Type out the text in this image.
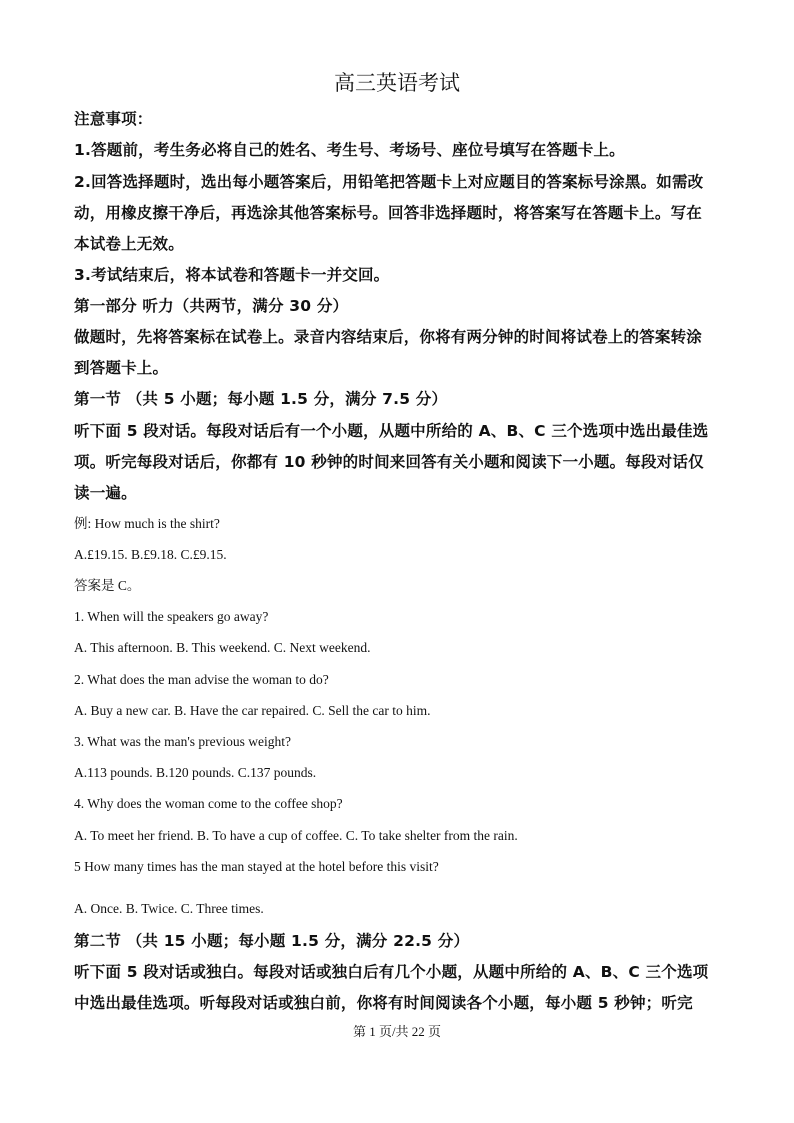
高三英语考试
注意事项：
1.答题前，考生务必将自己的姓名、考生号、考场号、座位号填写在答题卡上。
2.回答选择题时，选出每小题答案后，用铅笔把答题卡上对应题目的答案标号涂黑。如需改
动，用橡皮擦干净后，再选涂其他答案标号。回答非选择题时，将答案写在答题卡上。写在
本试卷上无效。
3.考试结束后，将本试卷和答题卡一并交回。
第一部分 听力（共两节，满分 30 分）
做题时，先将答案标在试卷上。录音内容结束后，你将有两分钟的时间将试卷上的答案转涂
到答题卡上。
第一节 （共 5 小题；每小题 1.5 分，满分 7.5 分）
听下面 5 段对话。每段对话后有一个小题，从题中所给的 A、B、C 三个选项中选出最佳选
项。听完每段对话后，你都有 10 秒钟的时间来回答有关小题和阅读下一小题。每段对话仅
读一遍。
例: How much is the shirt?
A.£19.15. B.£9.18. C.£9.15.
答案是 C。
1. When will the speakers go away?
A. This afternoon. B. This weekend. C. Next weekend.
2. What does the man advise the woman to do?
A. Buy a new car. B. Have the car repaired. C. Sell the car to him.
3. What was the man's previous weight?
A.113 pounds. B.120 pounds. C.137 pounds.
4. Why does the woman come to the coffee shop?
A. To meet her friend. B. To have a cup of coffee. C. To take shelter from the rain.
5 How many times has the man stayed at the hotel before this visit?
A. Once. B. Twice. C. Three times.
第二节 （共 15 小题；每小题 1.5 分，满分 22.5 分）
听下面 5 段对话或独白。每段对话或独白后有几个小题，从题中所给的 A、B、C 三个选项
中选出最佳选项。听每段对话或独白前，你将有时间阅读各个小题，每小题 5 秒钟；听完
第 1 页/共 22 页
